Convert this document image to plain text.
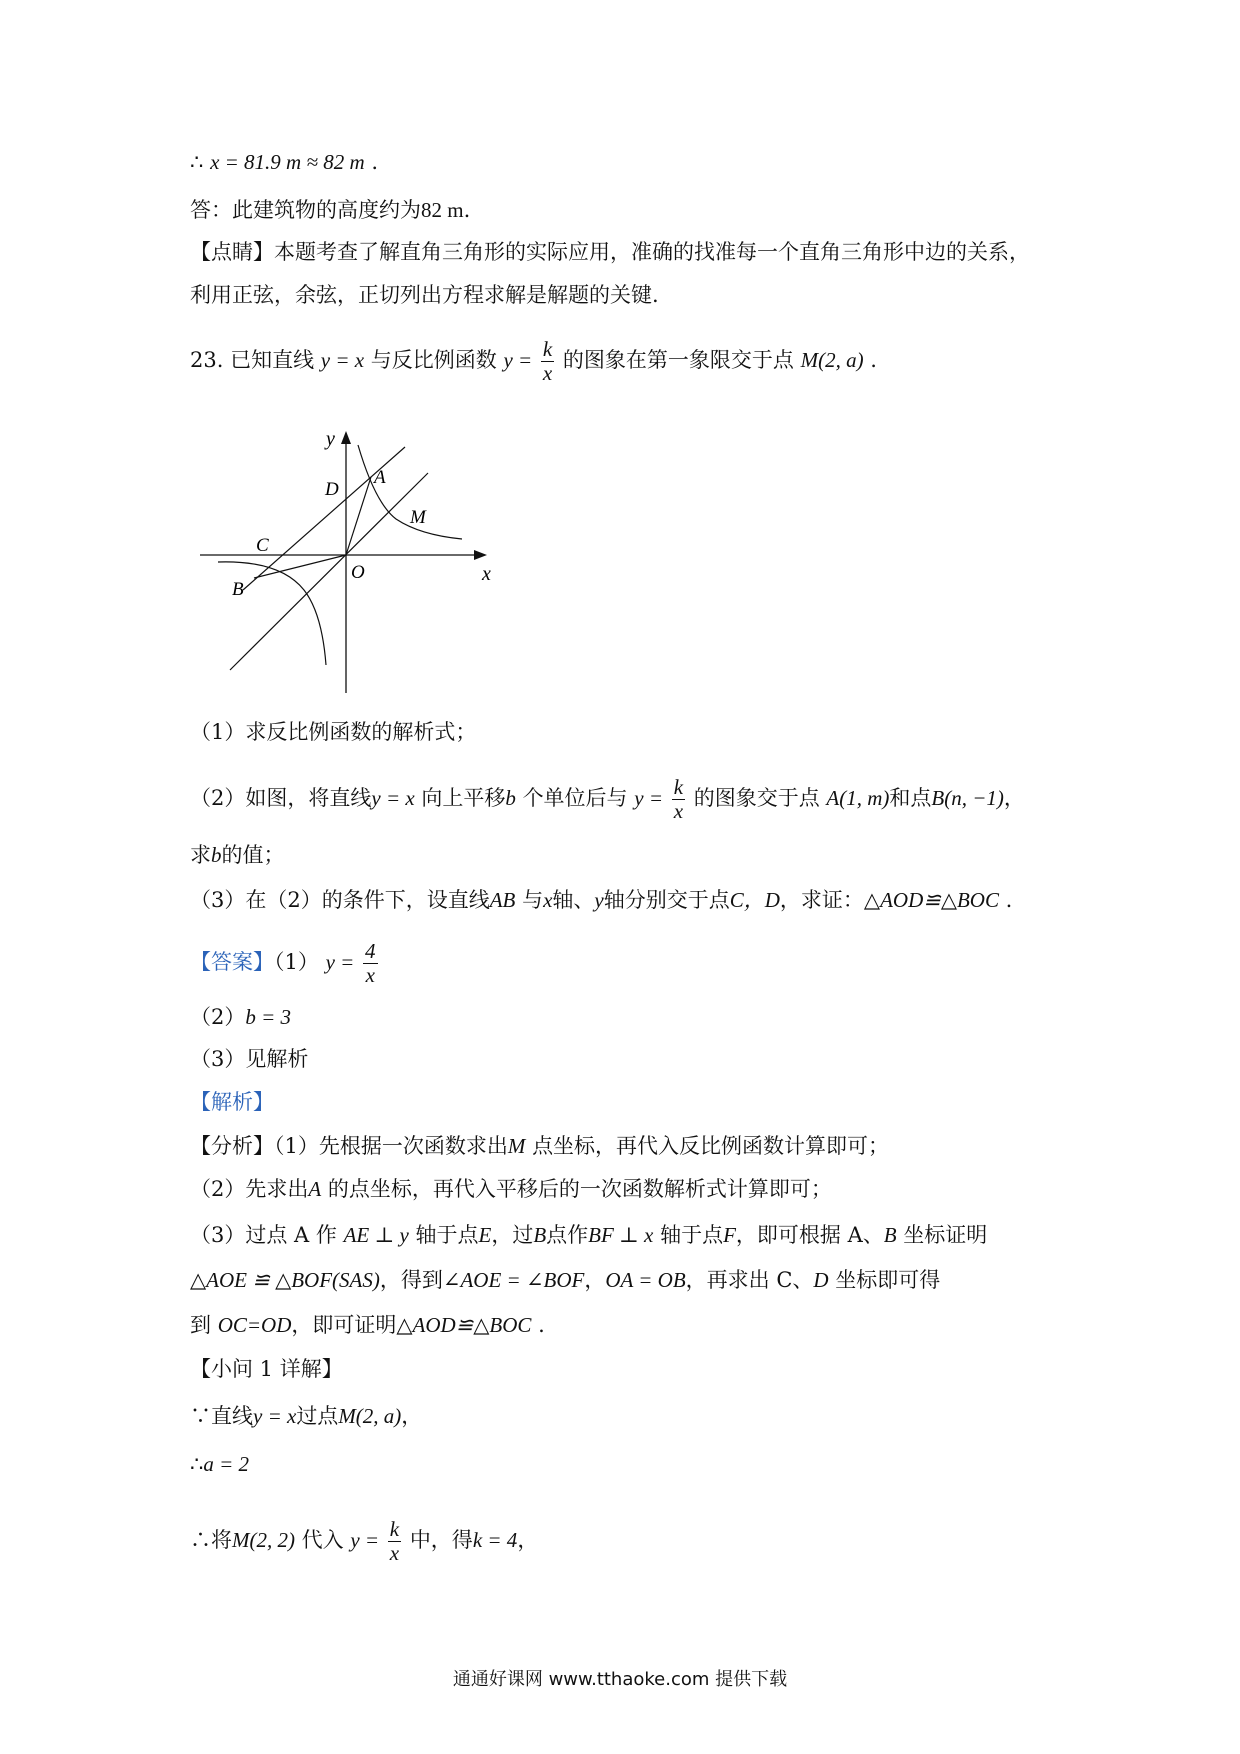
∴ x = 81.9 m ≈ 82 m .
答：此建筑物的高度约为82 m.
【点睛】本题考查了解直角三角形的实际应用，准确的找准每一个直角三角形中边的关系，
利用正弦，余弦，正切列出方程求解是解题的关键.
23. 已知直线 y = x 与反比例函数 $y = \frac{k}{x}$ 的图象在第一象限交于点 M(2, a) .
y
x
O
A
B
C
D
M
（1）求反比例函数的解析式；
（2）如图，将直线y = x 向上平移b 个单位后与 $y = \frac{k}{x}$ 的图象交于点 A(1, m)和点B(n, −1)，
求b的值；
（3）在（2）的条件下，设直线AB 与x轴、y轴分别交于点C，D，求证：△AOD≌△BOC .
【答案】（1） $y = \frac{4}{x}$
（2）b = 3
（3）见解析
【解析】
【分析】（1）先根据一次函数求出M 点坐标，再代入反比例函数计算即可；
（2）先求出A 的点坐标，再代入平移后的一次函数解析式计算即可；
（3）过点 A 作 AE ⊥ y 轴于点E，过B点作BF ⊥ x 轴于点F，即可根据 A、B 坐标证明
△AOE ≌ △BOF(SAS)，得到∠AOE = ∠BOF，OA = OB，再求出 C、D 坐标即可得
到 OC=OD，即可证明△AOD≌△BOC .
【小问 1 详解】
∵直线y = x过点M(2, a)，
∴a = 2
∴将M(2, 2) 代入 $y = \frac{k}{x}$ 中，得k = 4，
通通好课网 www.tthaoke.com 提供下载
